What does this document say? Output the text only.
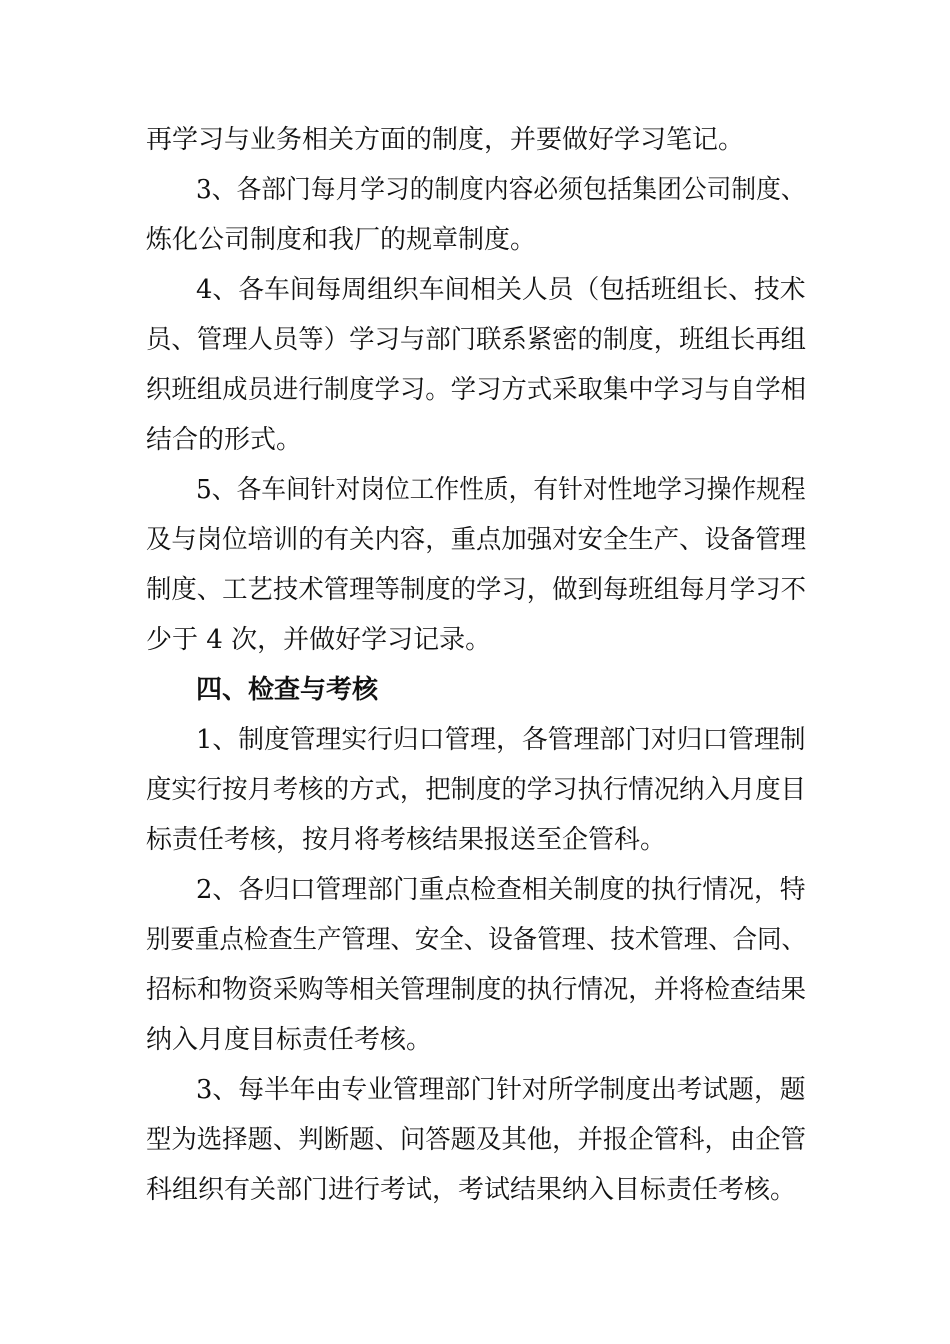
再学习与业务相关方面的制度，并要做好学习笔记。
3、各部门每月学习的制度内容必须包括集团公司制度、
炼化公司制度和我厂的规章制度。
4、各车间每周组织车间相关人员（包括班组长、技术
员、管理人员等）学习与部门联系紧密的制度，班组长再组
织班组成员进行制度学习。学习方式采取集中学习与自学相
结合的形式。
5、各车间针对岗位工作性质，有针对性地学习操作规程
及与岗位培训的有关内容，重点加强对安全生产、设备管理
制度、工艺技术管理等制度的学习，做到每班组每月学习不
少于 4 次，并做好学习记录。
四、检查与考核
1、制度管理实行归口管理，各管理部门对归口管理制
度实行按月考核的方式，把制度的学习执行情况纳入月度目
标责任考核，按月将考核结果报送至企管科。
2、各归口管理部门重点检查相关制度的执行情况，特
别要重点检查生产管理、安全、设备管理、技术管理、合同、
招标和物资采购等相关管理制度的执行情况，并将检查结果
纳入月度目标责任考核。
3、每半年由专业管理部门针对所学制度出考试题，题
型为选择题、判断题、问答题及其他，并报企管科，由企管
科组织有关部门进行考试，考试结果纳入目标责任考核。
